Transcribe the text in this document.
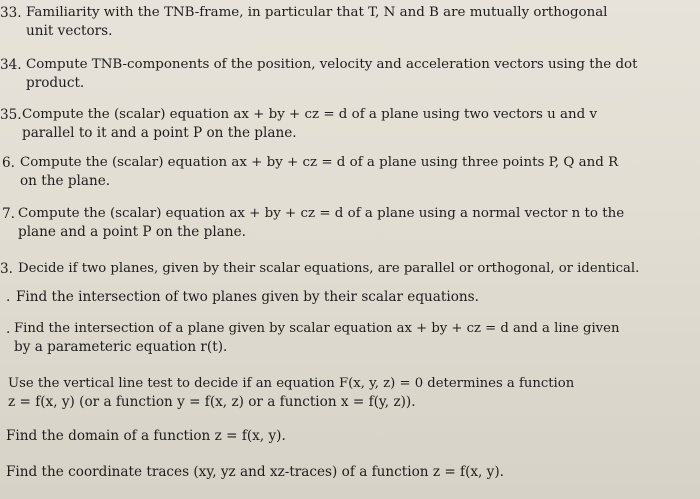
33. Familiarity with the TNB-frame, in particular that T, N and B are mutually orthogonal
unit vectors.
34. Compute TNB-components of the position, velocity and acceleration vectors using the dot
product.
35. Compute the (scalar) equation ax + by + cz = d of a plane using two vectors u and v
parallel to it and a point P on the plane.
6. Compute the (scalar) equation ax + by + cz = d of a plane using three points P, Q and R
on the plane.
7. Compute the (scalar) equation ax + by + cz = d of a plane using a normal vector n to the
plane and a point P on the plane.
3. Decide if two planes, given by their scalar equations, are parallel or orthogonal, or identical.
. Find the intersection of two planes given by their scalar equations.
. Find the intersection of a plane given by scalar equation ax + by + cz = d and a line given
by a parameteric equation r(t).
Use the vertical line test to decide if an equation F(x, y, z) = 0 determines a function
z = f(x, y) (or a function y = f(x, z) or a function x = f(y, z)).
Find the domain of a function z = f(x, y).
Find the coordinate traces (xy, yz and xz-traces) of a function z = f(x, y).
